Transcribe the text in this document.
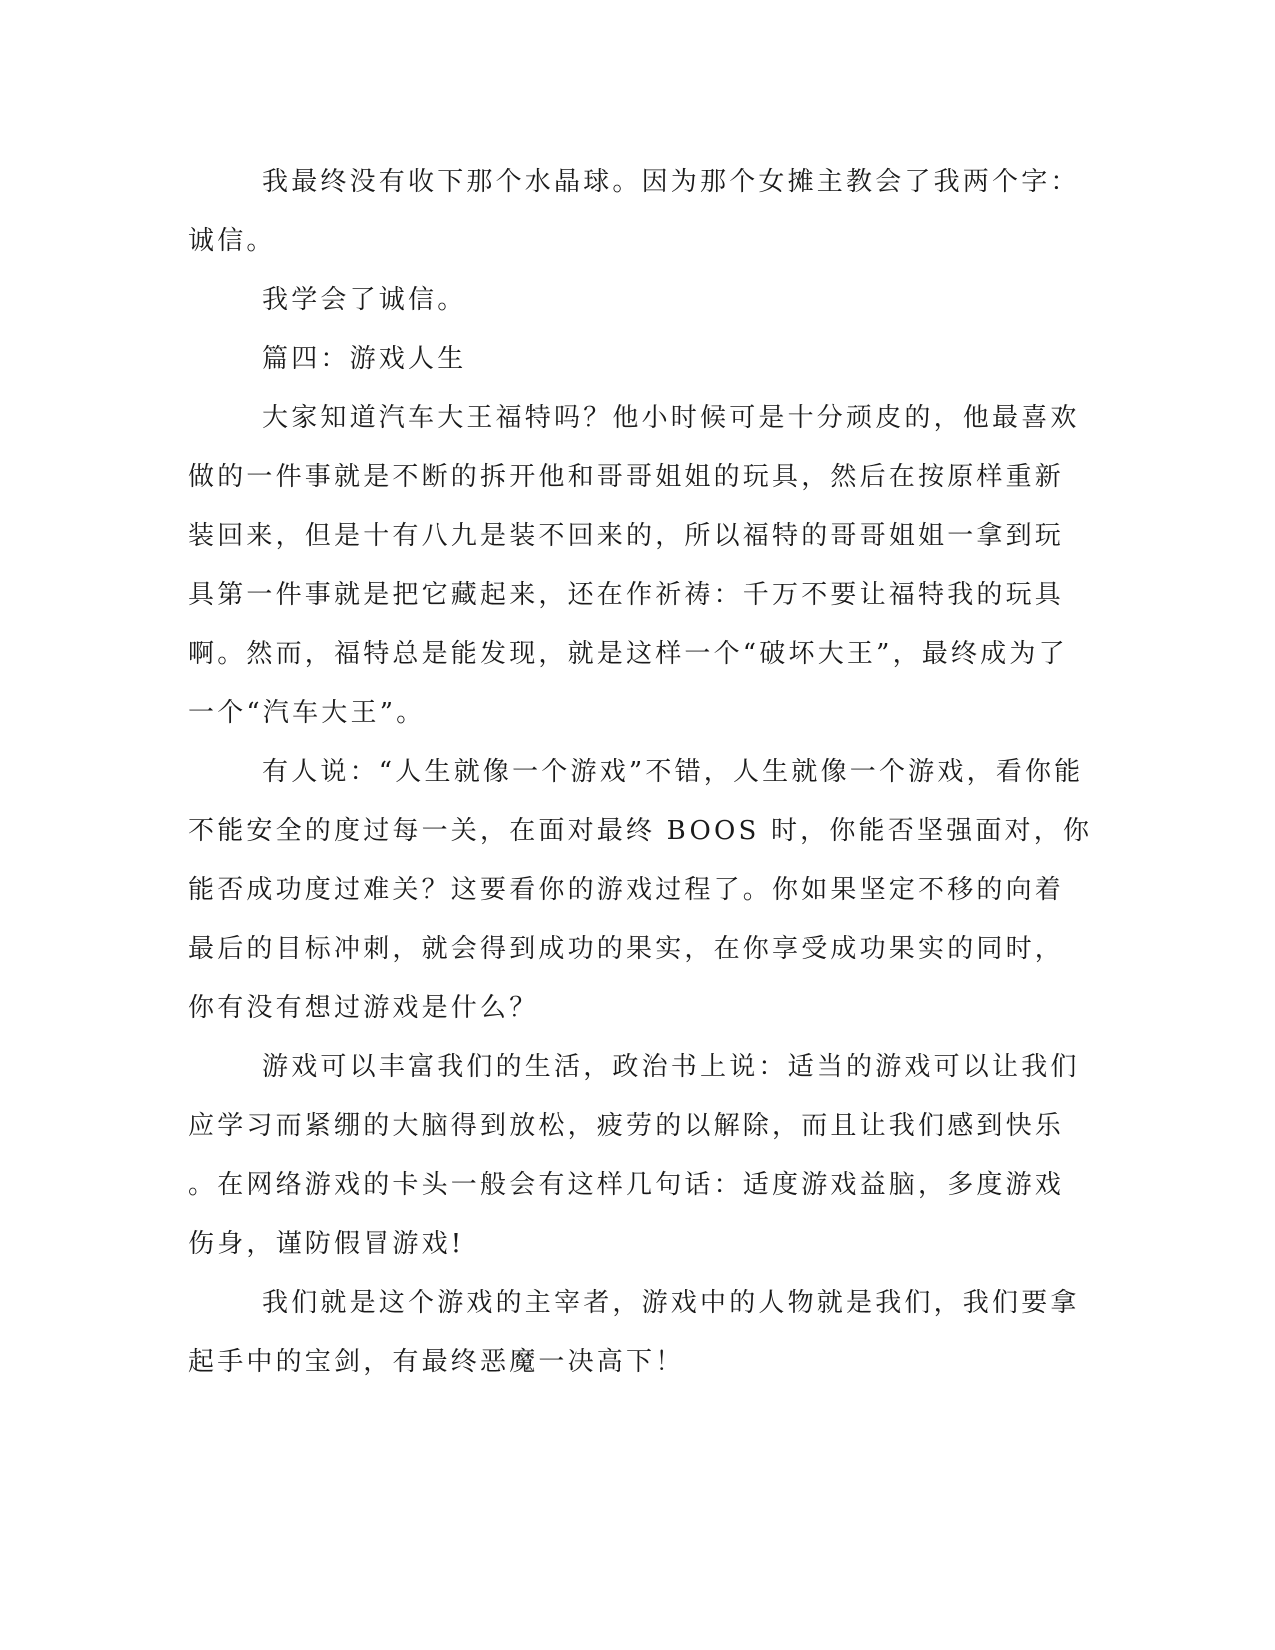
我最终没有收下那个水晶球。因为那个女摊主教会了我两个字：
诚信。
我学会了诚信。
篇四：游戏人生
大家知道汽车大王福特吗？他小时候可是十分顽皮的，他最喜欢
做的一件事就是不断的拆开他和哥哥姐姐的玩具，然后在按原样重新
装回来，但是十有八九是装不回来的，所以福特的哥哥姐姐一拿到玩
具第一件事就是把它藏起来，还在作祈祷：千万不要让福特我的玩具
啊。然而，福特总是能发现，就是这样一个“破坏大王”，最终成为了
一个“汽车大王”。
有人说：“人生就像一个游戏”不错，人生就像一个游戏，看你能
不能安全的度过每一关，在面对最终 BOOS 时，你能否坚强面对，你
能否成功度过难关？这要看你的游戏过程了。你如果坚定不移的向着
最后的目标冲刺，就会得到成功的果实，在你享受成功果实的同时，
你有没有想过游戏是什么？
游戏可以丰富我们的生活，政治书上说：适当的游戏可以让我们
应学习而紧绷的大脑得到放松，疲劳的以解除，而且让我们感到快乐
。在网络游戏的卡头一般会有这样几句话：适度游戏益脑，多度游戏
伤身，谨防假冒游戏!
我们就是这个游戏的主宰者，游戏中的人物就是我们，我们要拿
起手中的宝剑，有最终恶魔一决高下！
